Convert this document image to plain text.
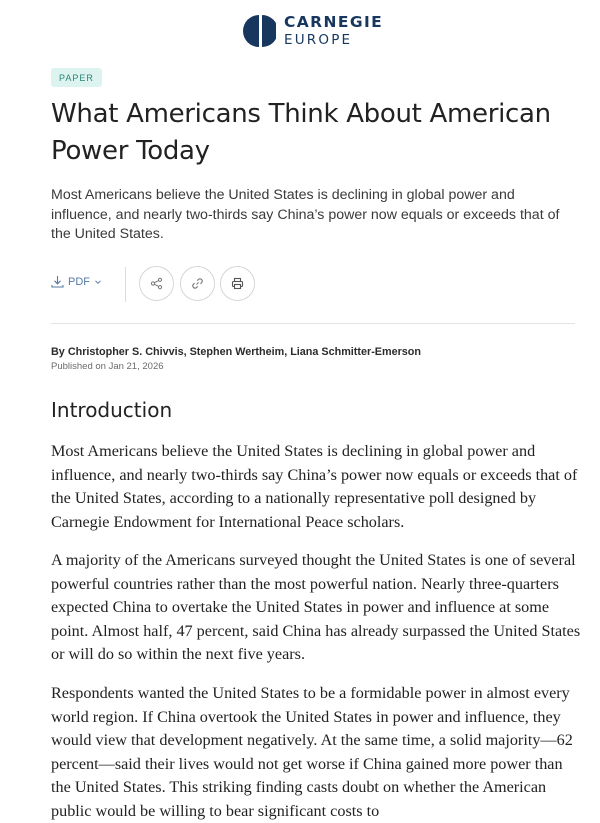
CARNEGIE
EUROPE
PAPER
What Americans Think About American Power Today

Most Americans believe the United States is declining in global power and influence, and nearly two-thirds say China’s power now equals or exceeds that of the United States.

PDF

By Christopher S. Chivvis, Stephen Wertheim, Liana Schmitter-Emerson

Published on Jan 21, 2026

Introduction

Most Americans believe the United States is declining in global power and influence, and nearly two-thirds say China’s power now equals or exceeds that of the United States, according to a nationally representative poll designed by Carnegie Endowment for International Peace scholars.

A majority of the Americans surveyed thought the United States is one of several powerful countries rather than the most powerful nation. Nearly three-quarters expected China to overtake the United States in power and influence at some point. Almost half, 47 percent, said China has already surpassed the United States or will do so within the next five years.

Respondents wanted the United States to be a formidable power in almost every world region. If China overtook the United States in power and influence, they would view that development negatively. At the same time, a solid majority—62 percent—said their lives would not get worse if China gained more power than the United States. This striking finding casts doubt on whether the American public would be willing to bear significant costs to
